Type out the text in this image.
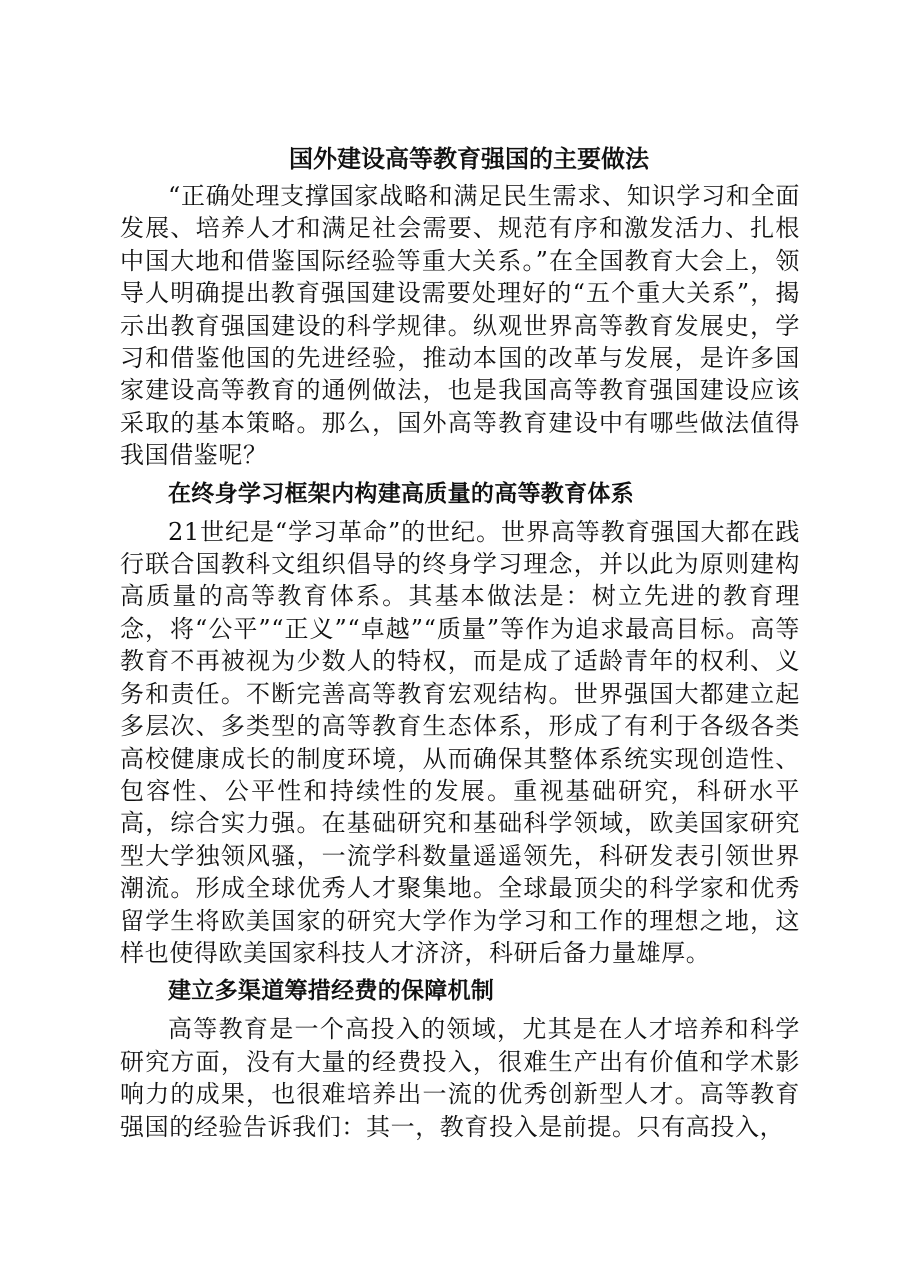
国外建设高等教育强国的主要做法

“正确处理支撑国家战略和满足民生需求、知识学习和全面发展、培养人才和满足社会需要、规范有序和激发活力、扎根中国大地和借鉴国际经验等重大关系。”在全国教育大会上，领导人明确提出教育强国建设需要处理好的“五个重大关系”，揭示出教育强国建设的科学规律。纵观世界高等教育发展史，学习和借鉴他国的先进经验，推动本国的改革与发展，是许多国家建设高等教育的通例做法，也是我国高等教育强国建设应该采取的基本策略。那么，国外高等教育建设中有哪些做法值得我国借鉴呢？

在终身学习框架内构建高质量的高等教育体系

21世纪是“学习革命”的世纪。世界高等教育强国大都在践行联合国教科文组织倡导的终身学习理念，并以此为原则建构高质量的高等教育体系。其基本做法是：树立先进的教育理念，将“公平”“正义”“卓越”“质量”等作为追求最高目标。高等教育不再被视为少数人的特权，而是成了适龄青年的权利、义务和责任。不断完善高等教育宏观结构。世界强国大都建立起多层次、多类型的高等教育生态体系，形成了有利于各级各类高校健康成长的制度环境，从而确保其整体系统实现创造性、包容性、公平性和持续性的发展。重视基础研究，科研水平高，综合实力强。在基础研究和基础科学领域，欧美国家研究型大学独领风骚，一流学科数量遥遥领先，科研发表引领世界潮流。形成全球优秀人才聚集地。全球最顶尖的科学家和优秀留学生将欧美国家的研究大学作为学习和工作的理想之地，这样也使得欧美国家科技人才济济，科研后备力量雄厚。

建立多渠道筹措经费的保障机制

高等教育是一个高投入的领域，尤其是在人才培养和科学研究方面，没有大量的经费投入，很难生产出有价值和学术影响力的成果，也很难培养出一流的优秀创新型人才。高等教育强国的经验告诉我们：其一，教育投入是前提。只有高投入，
